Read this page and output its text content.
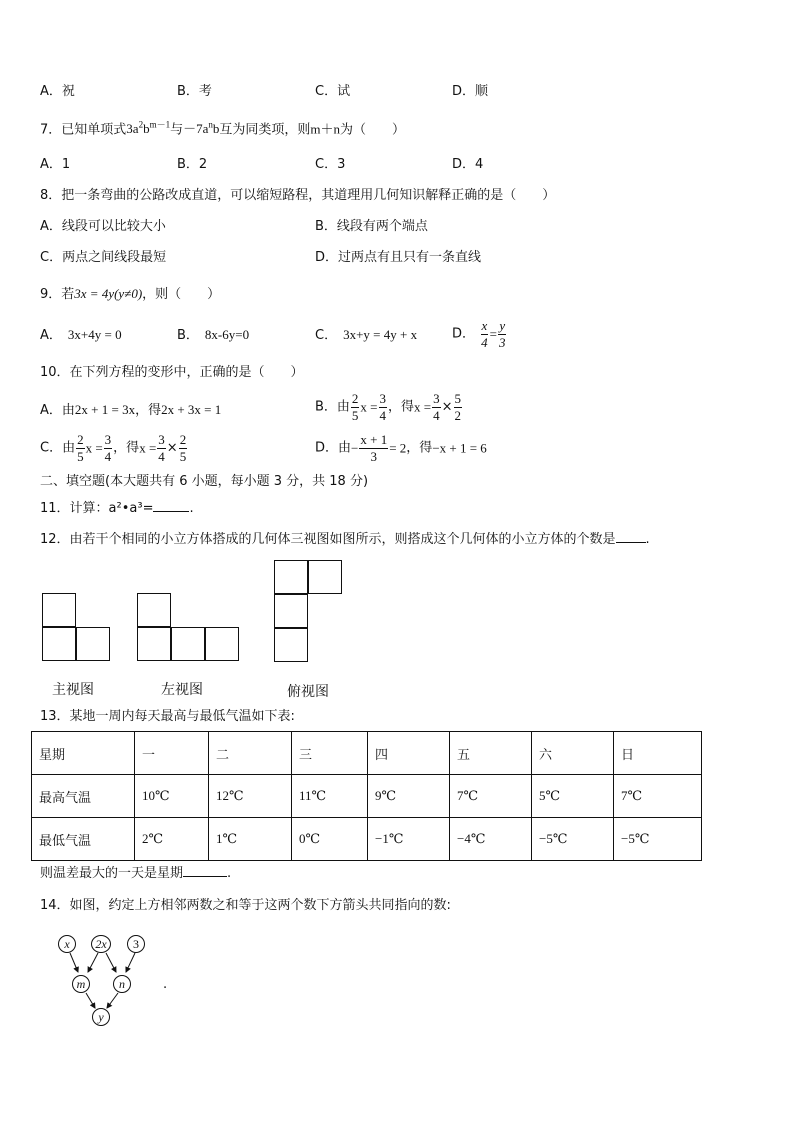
A．祝	B．考	C．试	D．顺
7．已知单项式$3a^2b^{m-1}$与$-7a^nb$互为同类项，则m＋n为（　　）
A．1	B．2	C．3	D．4
8．把一条弯曲的公路改成直道，可以缩短路程，其道理用几何知识解释正确的是（　　）
A．线段可以比较大小	B．线段有两个端点
C．两点之间线段最短	D．过两点有且只有一条直线
9．若3x = 4y(y≠0)，则（　　）
A． 3x+4y = 0	B． 8x-6y=0	C． 3x+y = 4y + x	D． $\frac{x}{4} = \frac{y}{3}$
10．在下列方程的变形中，正确的是（　　）
A．由2x + 1 = 3x，得2x + 3x = 1	B．由 $\frac{2}{5}$ $x = \frac{3}{4}$ ，得$x = \frac{3}{4} \times \frac{5}{2}$
C．由 $\frac{2}{5}$ $x = \frac{3}{4}$ ，得$x = \frac{3}{4} \times \frac{2}{5}$	D．由− $\frac{x + 1}{3} = 2$，得−x + 1 = 6
二、填空题(本大题共有 6 小题，每小题 3 分，共 18 分)
11．计算：a²•a³=	.
12．由若干个相同的小立方体搭成的几何体三视图如图所示，则搭成这个几何体的小立方体的个数是 .
主视图	左视图	俯视图
13．某地一周内每天最高与最低气温如下表:
星期	一	二	三	四	五	六	日
最高气温	10℃	12℃	11℃	9℃	7℃	5℃	7℃
最低气温	2℃	1℃	0℃	−1℃	−4℃	−5℃	−5℃
则温差最大的一天是星期	.
14．如图，约定上方相邻两数之和等于这两个数下方箭头共同指向的数:
x	2x	3
m	n
y
.
